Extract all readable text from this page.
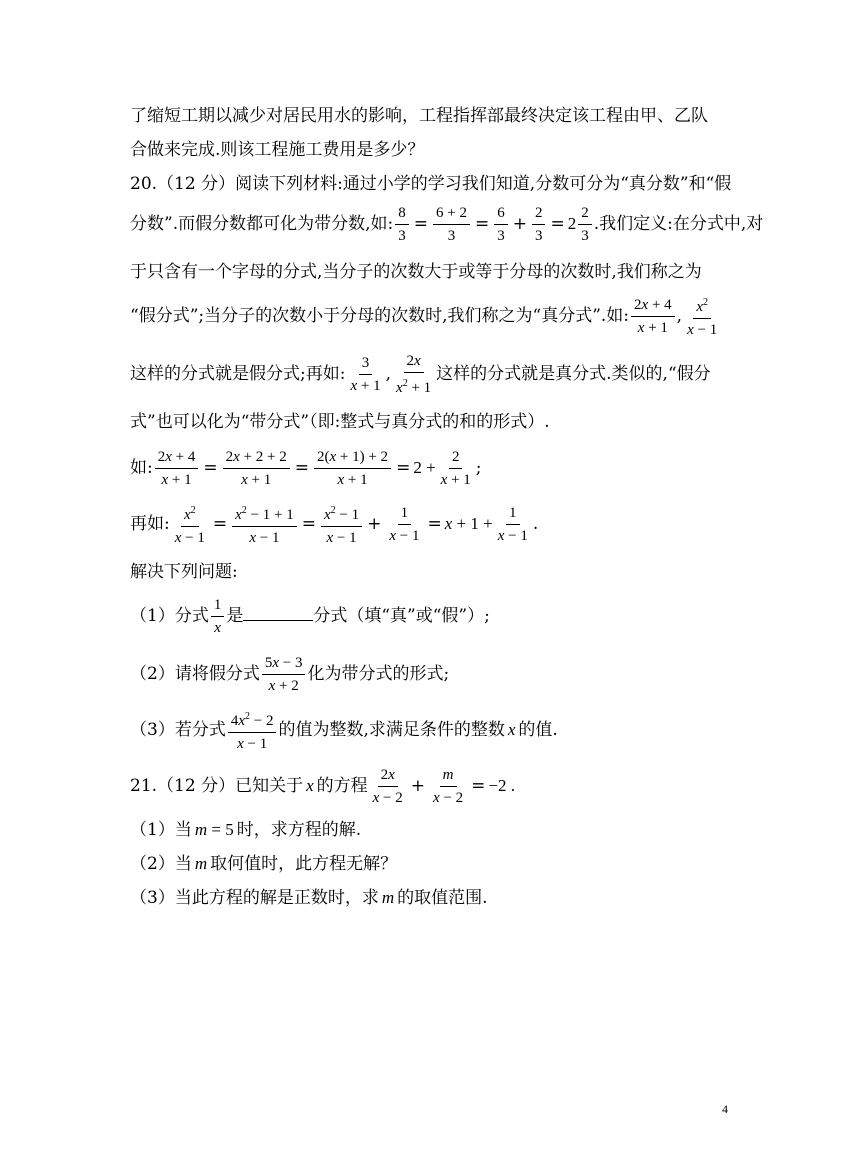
了缩短工期以减少对居民用水的影响，工程指挥部最终决定该工程由甲、乙队
合做来完成.则该工程施工费用是多少？
20.（12 分）阅读下列材料:通过小学的学习我们知道,分数可分为“真分数”和“假
分数”.而假分数都可化为带分数,如: $\frac{8}{3} = \frac{6 + 2}{3} = \frac{6}{3} + \frac{2}{3} = 2 \frac{2}{3}$ .我们定义:在分式中,对
于只含有一个字母的分式,当分子的次数大于或等于分母的次数时,我们称之为
“假分式”;当分子的次数小于分母的次数时,我们称之为“真分式”.如: $\frac{2x + 4}{x + 1}$ , $\frac{x^2}{x - 1}$
这样的分式就是假分式;再如: $\frac{3}{x + 1}$ , $\frac{2x}{x^2 + 1}$ 这样的分式就是真分式.类似的,“假分
式”也可以化为“带分式”（即:整式与真分式的和的形式）.
如: $\frac{2x + 4}{x + 1} = \frac{2x + 2 + 2}{x + 1} = \frac{2(x + 1) + 2}{x + 1} = 2 + \frac{2}{x + 1}$ ;
再如: $\frac{x^2}{x - 1} = \frac{x^2 - 1 + 1}{x - 1} = \frac{x^2 - 1}{x - 1} + \frac{1}{x - 1} = x + 1 + \frac{1}{x - 1}$ .
解决下列问题:
（1）分式 $\frac{1}{x}$ 是	分式（填“真”或“假”）;
（2）请将假分式 $\frac{5x - 3}{x + 2}$ 化为带分式的形式;
（3）若分式 $\frac{4x^2 - 2}{x - 1}$ 的值为整数,求满足条件的整数 x 的值.
21.（12 分）已知关于 x 的方程 $\frac{2x}{x - 2} + \frac{m}{x - 2} = -2$ .
（1）当 m = 5 时，求方程的解.
（2）当 m 取何值时，此方程无解？
（3）当此方程的解是正数时，求 m 的取值范围.
4
